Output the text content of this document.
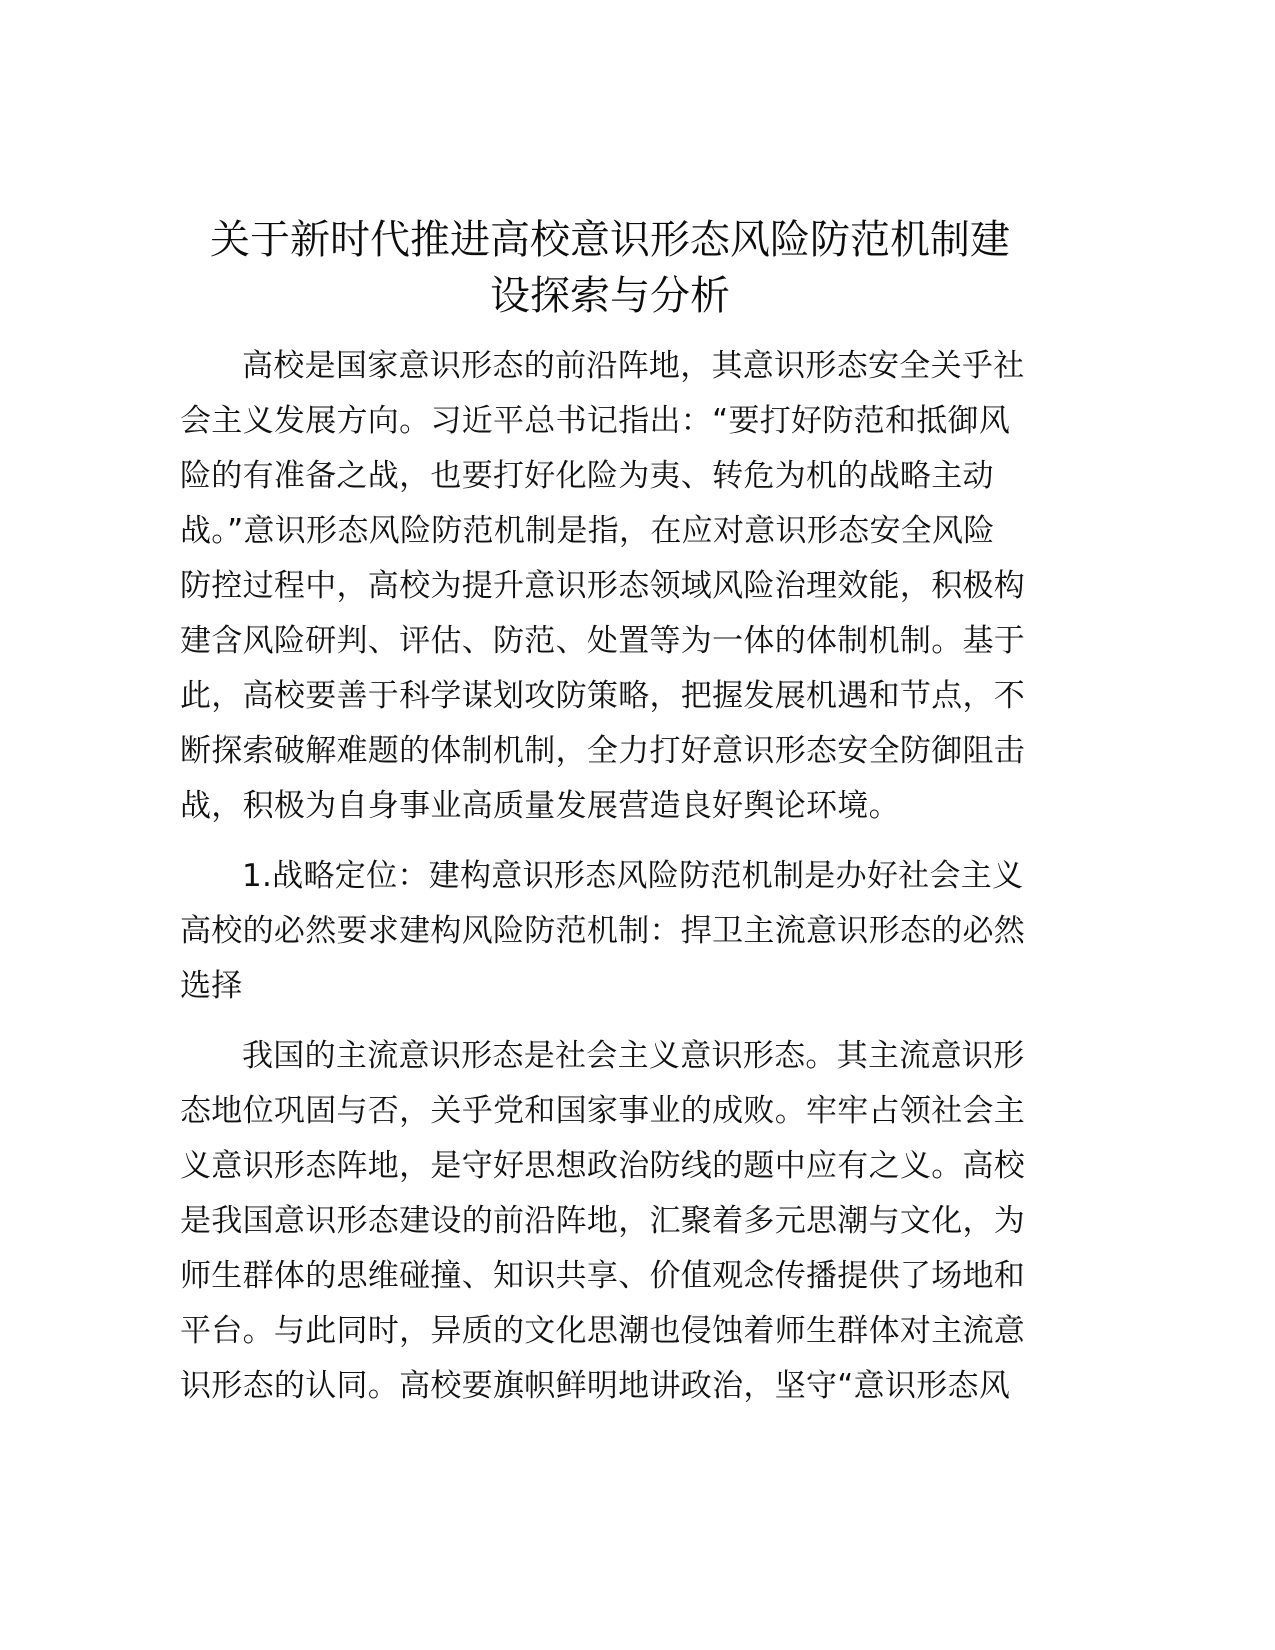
关于新时代推进高校意识形态风险防范机制建
设探索与分析
高校是国家意识形态的前沿阵地，其意识形态安全关乎社
会主义发展方向。习近平总书记指出：“要打好防范和抵御风
险的有准备之战，也要打好化险为夷、转危为机的战略主动
战。”意识形态风险防范机制是指，在应对意识形态安全风险
防控过程中，高校为提升意识形态领域风险治理效能，积极构
建含风险研判、评估、防范、处置等为一体的体制机制。基于
此，高校要善于科学谋划攻防策略，把握发展机遇和节点，不
断探索破解难题的体制机制，全力打好意识形态安全防御阻击
战，积极为自身事业高质量发展营造良好舆论环境。
1.战略定位：建构意识形态风险防范机制是办好社会主义
高校的必然要求建构风险防范机制：捍卫主流意识形态的必然
选择
我国的主流意识形态是社会主义意识形态。其主流意识形
态地位巩固与否，关乎党和国家事业的成败。牢牢占领社会主
义意识形态阵地，是守好思想政治防线的题中应有之义。高校
是我国意识形态建设的前沿阵地，汇聚着多元思潮与文化，为
师生群体的思维碰撞、知识共享、价值观念传播提供了场地和
平台。与此同时，异质的文化思潮也侵蚀着师生群体对主流意
识形态的认同。高校要旗帜鲜明地讲政治，坚守“意识形态风
